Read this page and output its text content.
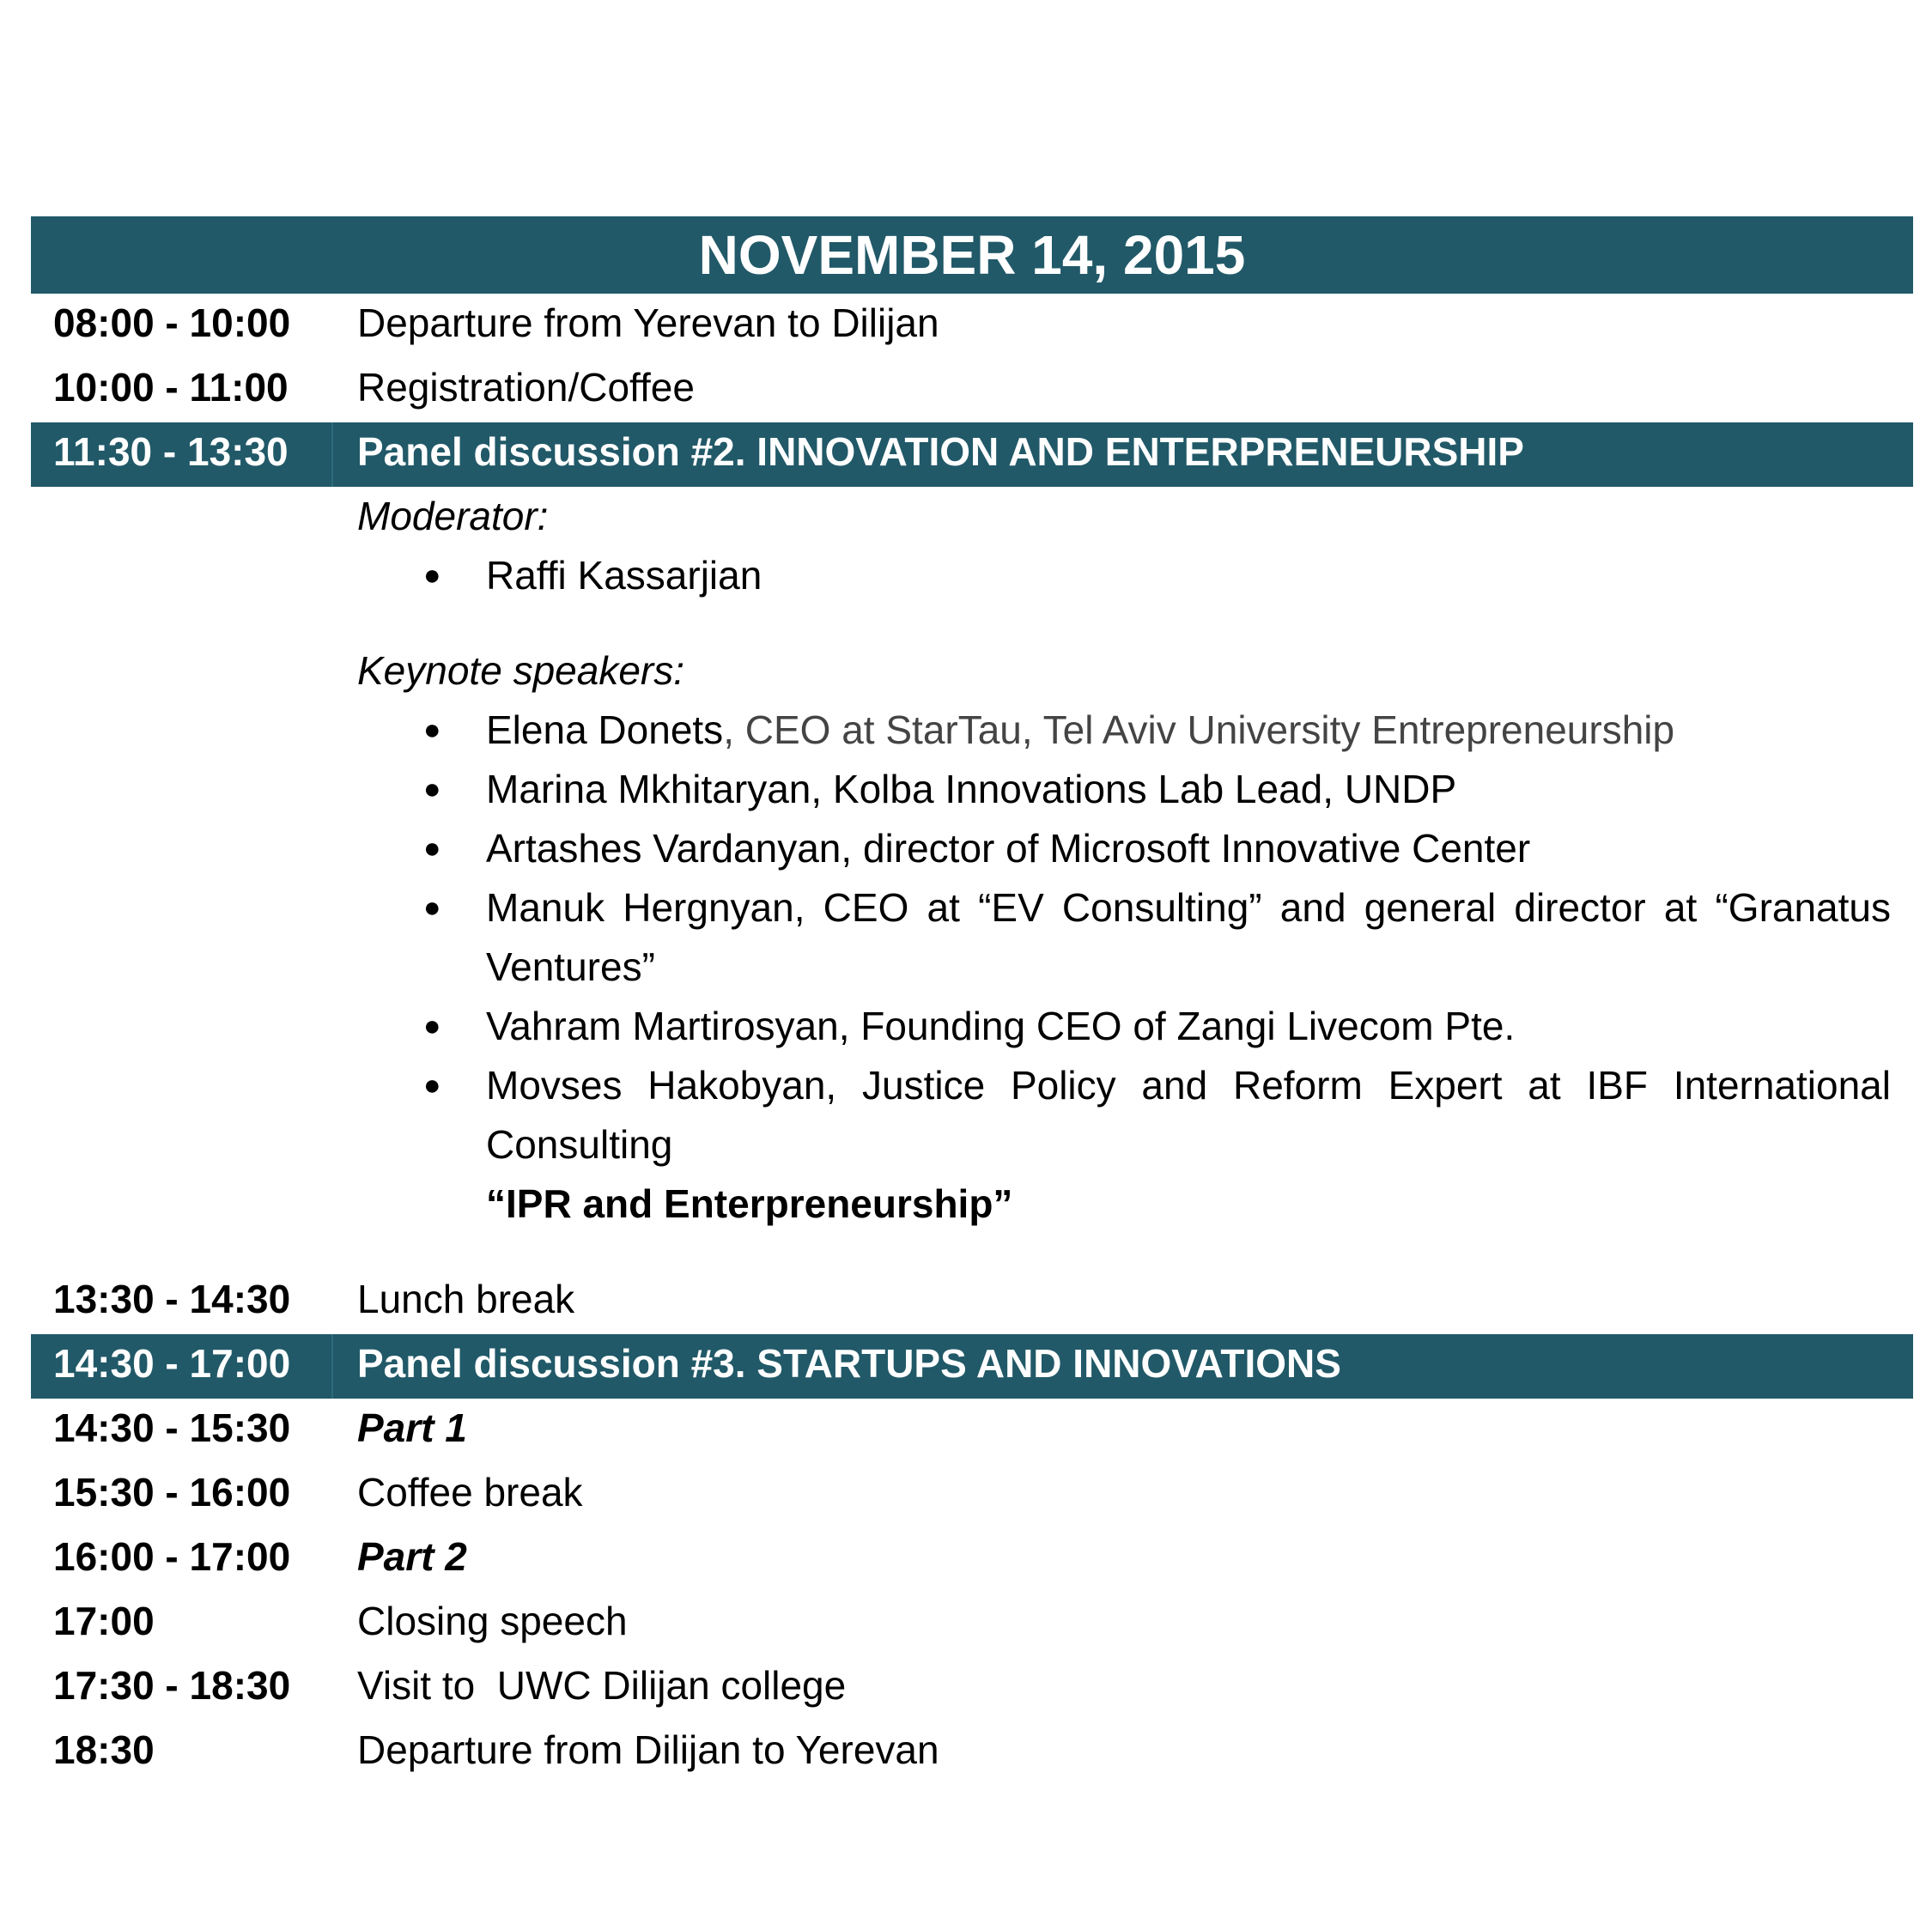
NOVEMBER 14, 2015
08:00 - 10:00	Departure from Yerevan to Dilijan
10:00 - 11:00	Registration/Coffee
11:30 - 13:30	Panel discussion #2. INNOVATION AND ENTERPRENEURSHIP
Moderator:
●	Raffi Kassarjian
Keynote speakers:
●	Elena Donets, CEO at StarTau, Tel Aviv University Entrepreneurship
●	Marina Mkhitaryan, Kolba Innovations Lab Lead, UNDP
●	Artashes Vardanyan, director of Microsoft Innovative Center
●	Manuk Hergnyan, CEO at “EV Consulting” and general director at “Granatus Ventures”
●	Vahram Martirosyan, Founding CEO of Zangi Livecom Pte.
●	Movses Hakobyan, Justice Policy and Reform Expert at IBF International Consulting
“IPR and Enterpreneurship”
13:30 - 14:30	Lunch break
14:30 - 17:00	Panel discussion #3. STARTUPS AND INNOVATIONS
14:30 - 15:30	Part 1
15:30 - 16:00	Coffee break
16:00 - 17:00	Part 2
17:00	Closing speech
17:30 - 18:30	Visit to  UWC Dilijan college
18:30	Departure from Dilijan to Yerevan
